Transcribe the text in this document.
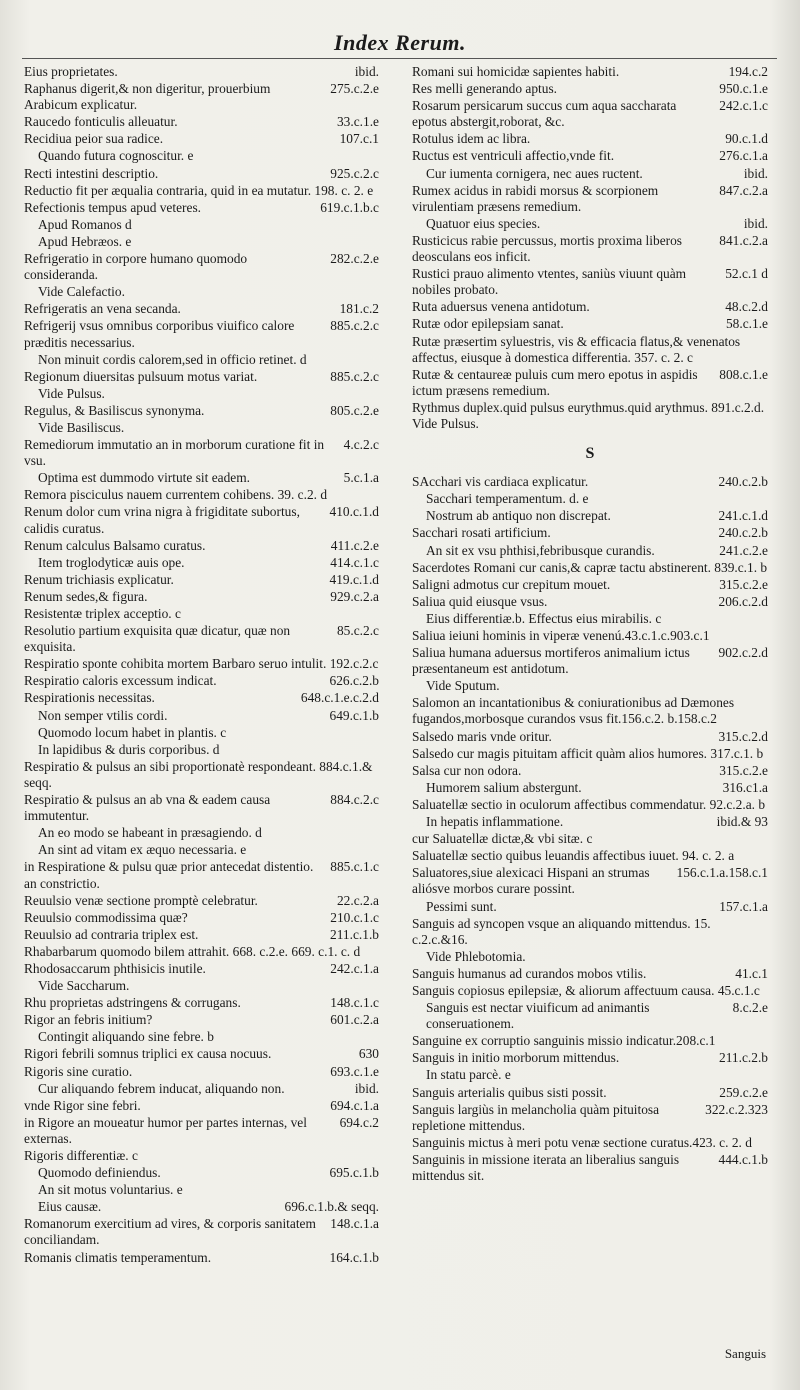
Index Rerum.
ibid.
Eius proprietates.
275.c.2.e
Raphanus digerit,& non digeritur, prouerbium Arabicum explicatur.
33.c.1.e
Raucedo fonticulis alleuatur.
107.c.1
Recidiua peior sua radice.
Quando futura cognoscitur. e
925.c.2.c
Recti intestini descriptio.
Reductio fit per æqualia contraria, quid in ea mutatur. 198. c. 2. e
619.c.1.b.c
Refectionis tempus apud veteres.
Apud Romanos d
Apud Hebræos. e
282.c.2.e
Refrigeratio in corpore humano quomodo consideranda.
Vide Calefactio.
181.c.2
Refrigeratis an vena secanda.
885.c.2.c
Refrigerij vsus omnibus corporibus viuifico calore præditis necessarius.
Non minuit cordis calorem,sed in officio retinet. d
885.c.2.c
Regionum diuersitas pulsuum motus variat.
Vide Pulsus.
805.c.2.e
Regulus, & Basiliscus synonyma.
Vide Basiliscus.
4.c.2.c
Remediorum immutatio an in morborum curatione fit in vsu.
5.c.1.a
Optima est dummodo virtute sit eadem.
Remora pisciculus nauem currentem cohibens. 39. c.2. d
410.c.1.d
Renum dolor cum vrina nigra à frigiditate subortus, calidis curatus.
411.c.2.e
Renum calculus Balsamo curatus.
414.c.1.c
Item troglodyticæ auis ope.
419.c.1.d
Renum trichiasis explicatur.
929.c.2.a
Renum sedes,& figura.
Resistentæ triplex acceptio. c
85.c.2.c
Resolutio partium exquisita quæ dicatur, quæ non exquisita.
Respiratio sponte cohibita mortem Barbaro seruo intulit. 192.c.2.c
626.c.2.b
Respiratio caloris excessum indicat.
648.c.1.e.c.2.d
Respirationis necessitas.
649.c.1.b
Non semper vtilis cordi.
Quomodo locum habet in plantis. c
In lapidibus & duris corporibus. d
Respiratio & pulsus an sibi proportionatè respondeant. 884.c.1.& seqq.
884.c.2.c
Respiratio & pulsus an ab vna & eadem causa immutentur.
An eo modo se habeant in præsagiendo. d
An sint ad vitam ex æquo necessaria. e
885.c.1.c
in Respiratione & pulsu quæ prior antecedat distentio. an constrictio.
22.c.2.a
Reuulsio venæ sectione promptè celebratur.
210.c.1.c
Reuulsio commodissima quæ?
211.c.1.b
Reuulsio ad contraria triplex est.
Rhabarbarum quomodo bilem attrahit. 668. c.2.e. 669. c.1. c. d
242.c.1.a
Rhodosaccarum phthisicis inutile.
Vide Saccharum.
148.c.1.c
Rhu proprietas adstringens & corrugans.
601.c.2.a
Rigor an febris initium?
Contingit aliquando sine febre. b
630
Rigori febrili somnus triplici ex causa nocuus.
693.c.1.e
Rigoris sine curatio.
ibid.
Cur aliquando febrem inducat, aliquando non.
694.c.1.a
vnde Rigor sine febri.
694.c.2
in Rigore an moueatur humor per partes internas, vel externas.
Rigoris differentiæ. c
695.c.1.b
Quomodo definiendus.
An sit motus voluntarius. e
696.c.1.b.& seqq.
Eius causæ.
148.c.1.a
Romanorum exercitium ad vires, & corporis sanitatem conciliandam.
164.c.1.b
Romanis climatis temperamentum.
194.c.2
Romani sui homicidæ sapientes habiti.
950.c.1.e
Res melli generando aptus.
242.c.1.c
Rosarum persicarum succus cum aqua saccharata epotus abstergit,roborat, &c.
90.c.1.d
Rotulus idem ac libra.
276.c.1.a
Ructus est ventriculi affectio,vnde fit.
ibid.
Cur iumenta cornigera, nec aues ructent.
847.c.2.a
Rumex acidus in rabidi morsus & scorpionem virulentiam præsens remedium.
ibid.
Quatuor eius species.
841.c.2.a
Rusticicus rabie percussus, mortis proxima liberos deosculans eos inficit.
52.c.1 d
Rustici prauo alimento vtentes, saniùs viuunt quàm nobiles probato.
48.c.2.d
Ruta aduersus venena antidotum.
58.c.1.e
Rutæ odor epilepsiam sanat.
Rutæ præsertim syluestris, vis & efficacia flatus,& venenatos affectus, eiusque à domestica differentia. 357. c. 2. c
808.c.1.e
Rutæ & centaureæ puluis cum mero epotus in aspidis ictum præsens remedium.
Rythmus duplex.quid pulsus eurythmus.quid arythmus. 891.c.2.d. Vide Pulsus.
S
240.c.2.b
SAcchari vis cardiaca explicatur.
Sacchari temperamentum. d. e
241.c.1.d
Nostrum ab antiquo non discrepat.
240.c.2.b
Sacchari rosati artificium.
241.c.2.e
An sit ex vsu phthisi,febribusque curandis.
Sacerdotes Romani cur canis,& capræ tactu abstinerent. 839.c.1. b
315.c.2.e
Saligni admotus cur crepitum mouet.
206.c.2.d
Saliua quid eiusque vsus.
Eius differentiæ.b. Effectus eius mirabilis. c
Saliua ieiuni hominis in viperæ venenú.43.c.1.c.903.c.1
902.c.2.d
Saliua humana aduersus mortiferos animalium ictus præsentaneum est antidotum.
Vide Sputum.
Salomon an incantationibus & coniurationibus ad Dæmones fugandos,morbosque curandos vsus fit.156.c.2. b.158.c.2
315.c.2.d
Salsedo maris vnde oritur.
Salsedo cur magis pituitam afficit quàm alios humores. 317.c.1. b
315.c.2.e
Salsa cur non odora.
316.c1.a
Humorem salium abstergunt.
Saluatellæ sectio in oculorum affectibus commendatur. 92.c.2.a. b
ibid.& 93
In hepatis inflammatione.
cur Saluatellæ dictæ,& vbi sitæ. c
Saluatellæ sectio quibus leuandis affectibus iuuet. 94. c. 2. a
156.c.1.a.158.c.1
Saluatores,siue alexicaci Hispani an strumas aliósve morbos curare possint.
157.c.1.a
Pessimi sunt.
Sanguis ad syncopen vsque an aliquando mittendus. 15. c.2.c.&16.
Vide Phlebotomia.
41.c.1
Sanguis humanus ad curandos mobos vtilis.
Sanguis copiosus epilepsiæ, & aliorum affectuum causa. 45.c.1.c
8.c.2.e
Sanguis est nectar viuificum ad animantis conseruationem.
Sanguine ex corruptio sanguinis missio indicatur.208.c.1
211.c.2.b
Sanguis in initio morborum mittendus.
In statu parcè. e
259.c.2.e
Sanguis arterialis quibus sisti possit.
322.c.2.323
Sanguis largiùs in melancholia quàm pituitosa repletione mittendus.
Sanguinis mictus à meri potu venæ sectione curatus.423. c. 2. d
444.c.1.b
Sanguinis in missione iterata an liberalius sanguis mittendus sit.
Sanguis
